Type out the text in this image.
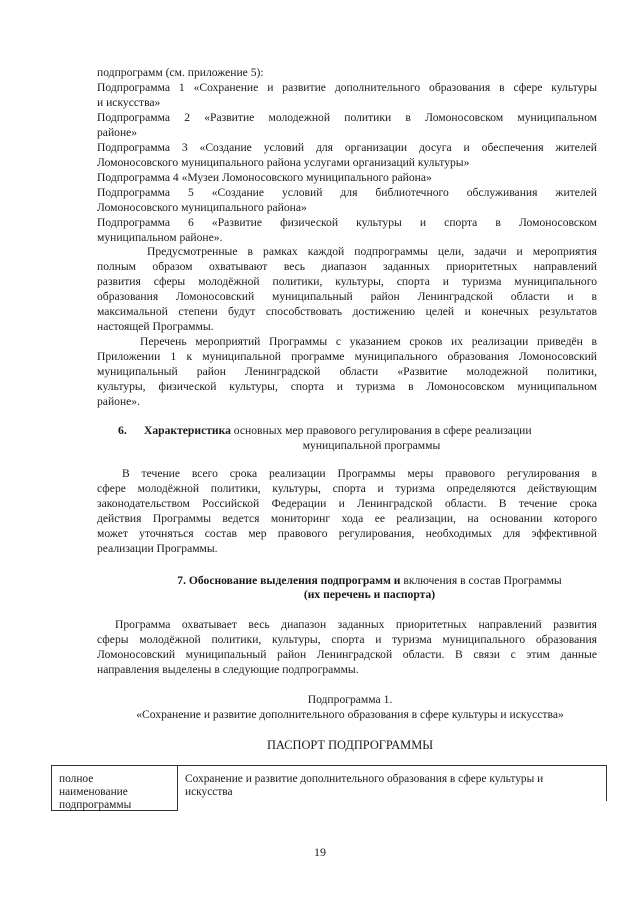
подпрограмм (см. приложение 5):
Подпрограмма 1 «Сохранение и развитие дополнительного образования в сфере культуры
и искусства»
Подпрограмма 2 «Развитие молодежной политики в Ломоносовском муниципальном
районе»
Подпрограмма 3 «Создание условий для организации досуга и обеспечения жителей
Ломоносовского муниципального района услугами организаций культуры»
Подпрограмма 4 «Музеи Ломоносовского муниципального района»
Подпрограмма 5 «Создание условий для библиотечного обслуживания жителей
Ломоносовского муниципального района»
Подпрограмма 6 «Развитие физической культуры и спорта в Ломоносовском
муниципальном районе».
Предусмотренные в рамках каждой подпрограммы цели, задачи и мероприятия
полным образом охватывают весь диапазон заданных приоритетных направлений
развития сферы молодёжной политики, культуры, спорта и туризма муниципального
образования Ломоносовский муниципальный район Ленинградской области и в
максимальной степени будут способствовать достижению целей и конечных результатов
настоящей Программы.
Перечень мероприятий Программы с указанием сроков их реализации приведён в
Приложении 1 к муниципальной программе муниципального образования Ломоносовский
муниципальный район Ленинградской области «Развитие молодежной политики,
культуры, физической культуры, спорта и туризма в Ломоносовском муниципальном
районе».
6. Характеристика основных мер правового регулирования в сфере реализации
муниципальной программы
В течение всего срока реализации Программы меры правового регулирования в
сфере молодёжной политики, культуры, спорта и туризма определяются действующим
законодательством Российской Федерации и Ленинградской области. В течение срока
действия Программы ведется мониторинг хода ее реализации, на основании которого
может уточняться состав мер правового регулирования, необходимых для эффективной
реализации Программы.
7. Обоснование выделения подпрограмм и включения в состав Программы
(их перечень и паспорта)
Программа охватывает весь диапазон заданных приоритетных направлений развития
сферы молодёжной политики, культуры, спорта и туризма муниципального образования
Ломоносовский муниципальный район Ленинградской области. В связи с этим данные
направления выделены в следующие подпрограммы.
Подпрограмма 1.
«Сохранение и развитие дополнительного образования в сфере культуры и искусства»
ПАСПОРТ ПОДПРОГРАММЫ
полное
наименование
подпрограммы
Сохранение и развитие дополнительного образования в сфере культуры и
искусства
19
